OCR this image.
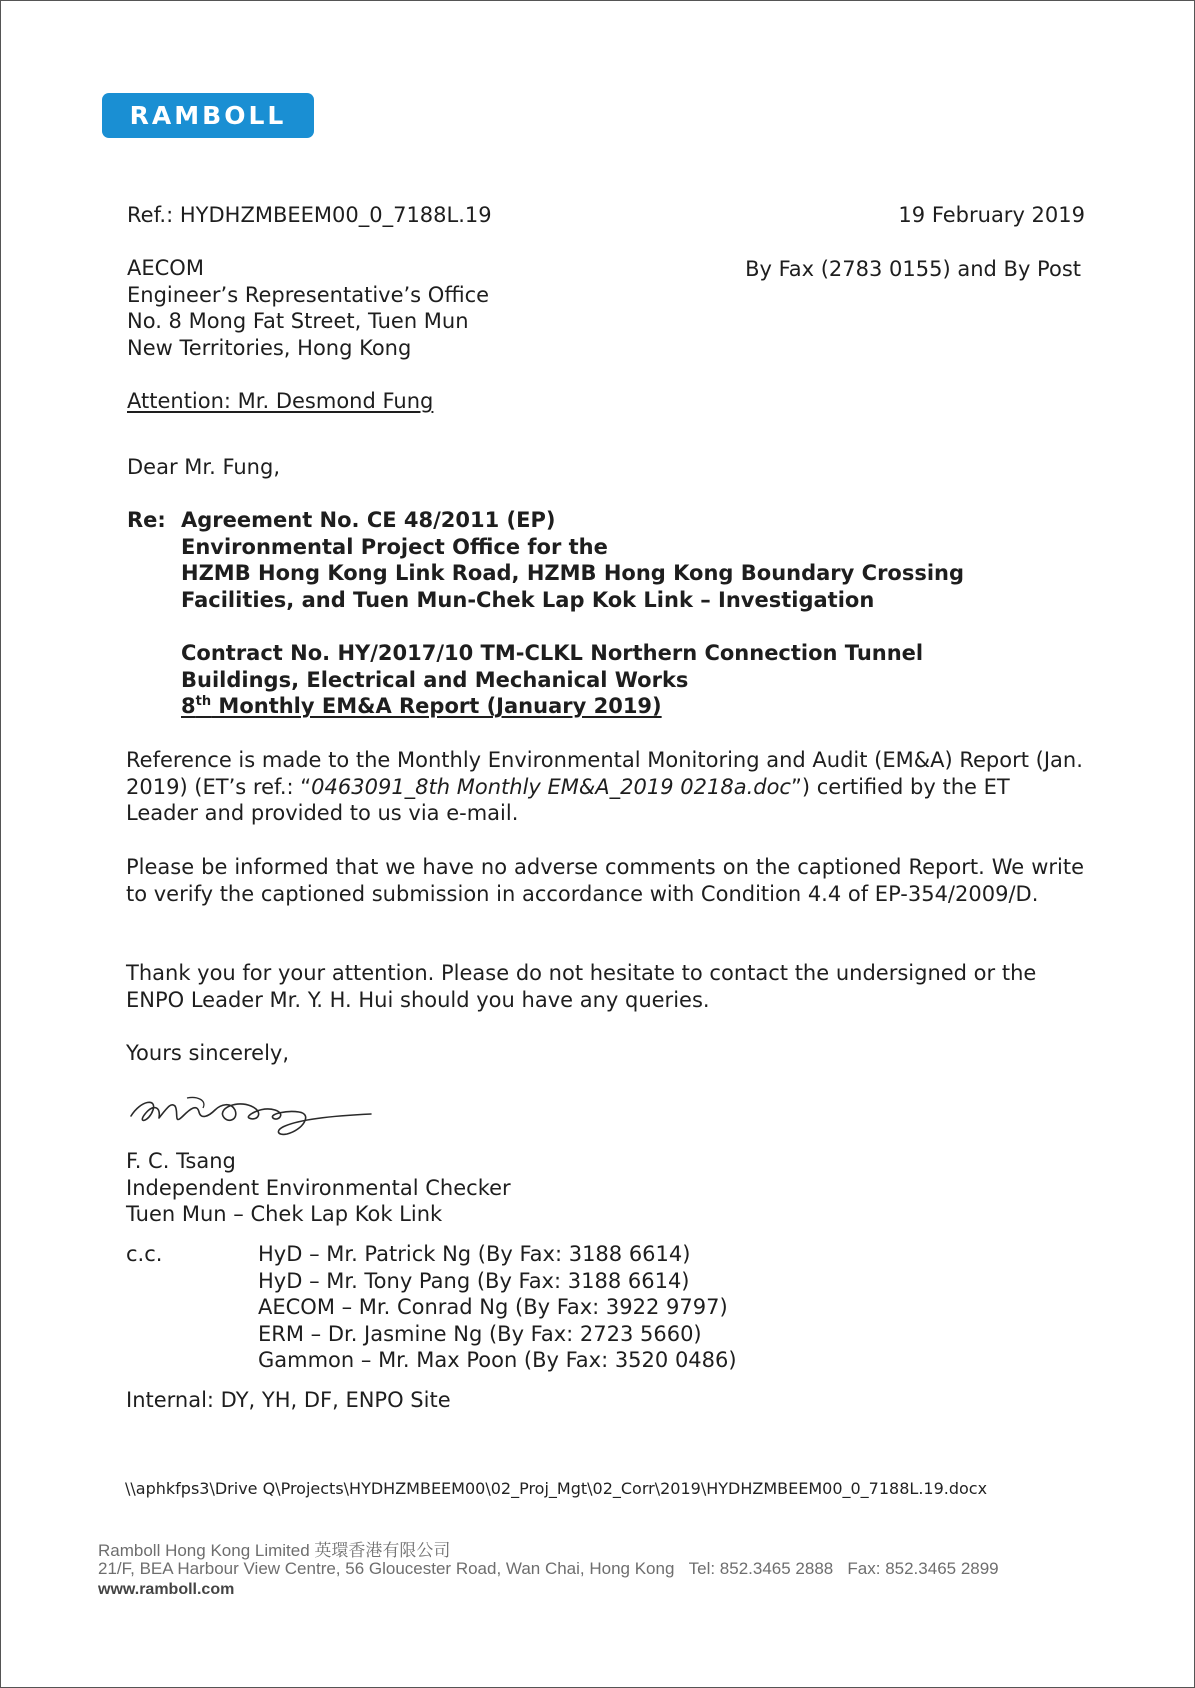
RAMBOLL
Ref.: HYDHZMBEEM00_0_7188L.19	19 February 2019
By Fax (2783 0155) and By Post
AECOM
Engineer’s Representative’s Office
No. 8 Mong Fat Street, Tuen Mun
New Territories, Hong Kong
Attention: Mr. Desmond Fung
Dear Mr. Fung,
Re: Agreement No. CE 48/2011 (EP)
Environmental Project Office for the
HZMB Hong Kong Link Road, HZMB Hong Kong Boundary Crossing
Facilities, and Tuen Mun-Chek Lap Kok Link – Investigation
Contract No. HY/2017/10 TM-CLKL Northern Connection Tunnel
Buildings, Electrical and Mechanical Works
8th Monthly EM&A Report (January 2019)
Reference is made to the Monthly Environmental Monitoring and Audit (EM&A) Report (Jan. 2019) (ET’s ref.: “0463091_8th Monthly EM&A_2019 0218a.doc”) certified by the ET Leader and provided to us via e-mail.
Please be informed that we have no adverse comments on the captioned Report. We write to verify the captioned submission in accordance with Condition 4.4 of EP-354/2009/D.
Thank you for your attention. Please do not hesitate to contact the undersigned or the ENPO Leader Mr. Y. H. Hui should you have any queries.
Yours sincerely,
F. C. Tsang
Independent Environmental Checker
Tuen Mun – Chek Lap Kok Link
c.c.	HyD – Mr. Patrick Ng (By Fax: 3188 6614)
HyD – Mr. Tony Pang (By Fax: 3188 6614)
AECOM – Mr. Conrad Ng (By Fax: 3922 9797)
ERM – Dr. Jasmine Ng (By Fax: 2723 5660)
Gammon – Mr. Max Poon (By Fax: 3520 0486)
Internal: DY, YH, DF, ENPO Site
\\aphkfps3\Drive Q\Projects\HYDHZMBEEM00\02_Proj_Mgt\02_Corr\2019\HYDHZMBEEM00_0_7188L.19.docx
Ramboll Hong Kong Limited 英環香港有限公司
21/F, BEA Harbour View Centre, 56 Gloucester Road, Wan Chai, Hong Kong Tel: 852.3465 2888 Fax: 852.3465 2899
www.ramboll.com
